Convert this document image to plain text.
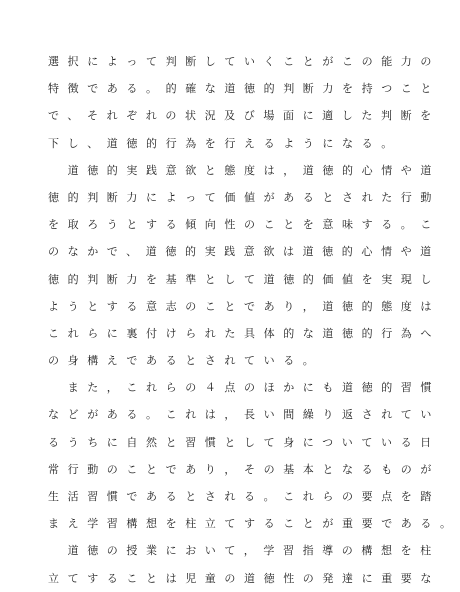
選択によって判断していくことがこの能力の
特徴である。的確な道徳的判断力を持つこと
で、それぞれの状況及び場面に適した判断を
下し、道徳的行為を行えるようになる。
　道徳的実践意欲と態度は，道徳的心情や道
徳的判断力によって価値があるとされた行動
を取ろうとする傾向性のことを意味する。こ
のなかで、道徳的実践意欲は道徳的心情や道
徳的判断力を基準として道徳的価値を実現し
ようとする意志のことであり，道徳的態度は
これらに裏付けられた具体的な道徳的行為へ
の身構えであるとされている。
　また，これらの４点のほかにも道徳的習慣
などがある。これは，長い間繰り返されてい
るうちに自然と習慣として身についている日
常行動のことであり，その基本となるものが
生活習慣であるとされる。これらの要点を踏
まえ学習構想を柱立てすることが重要である。
　道徳の授業において，学習指導の構想を柱
立てすることは児童の道徳性の発達に重要な
